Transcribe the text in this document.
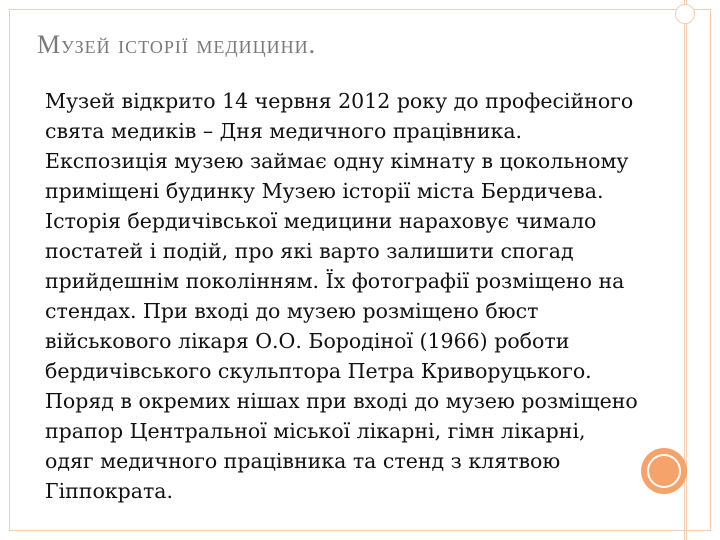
Музей історії медицини.
Музей відкрито 14 червня 2012 року до професійного
свята медиків – Дня медичного працівника.
Експозиція музею займає одну кімнату в цокольному
приміщені будинку Музею історії міста Бердичева.
Історія бердичівської медицини нараховує чимало
постатей і подій, про які варто залишити спогад
прийдешнім поколінням. Їх фотографії розміщено на
стендах. При вході до музею розміщено бюст
військового лікаря О.О. Бородіної (1966) роботи
бердичівського скульптора Петра Криворуцького.
Поряд в окремих нішах при вході до музею розміщено
прапор Центральної міської лікарні, гімн лікарні,
одяг медичного працівника та стенд з клятвою
Гіппократа.
